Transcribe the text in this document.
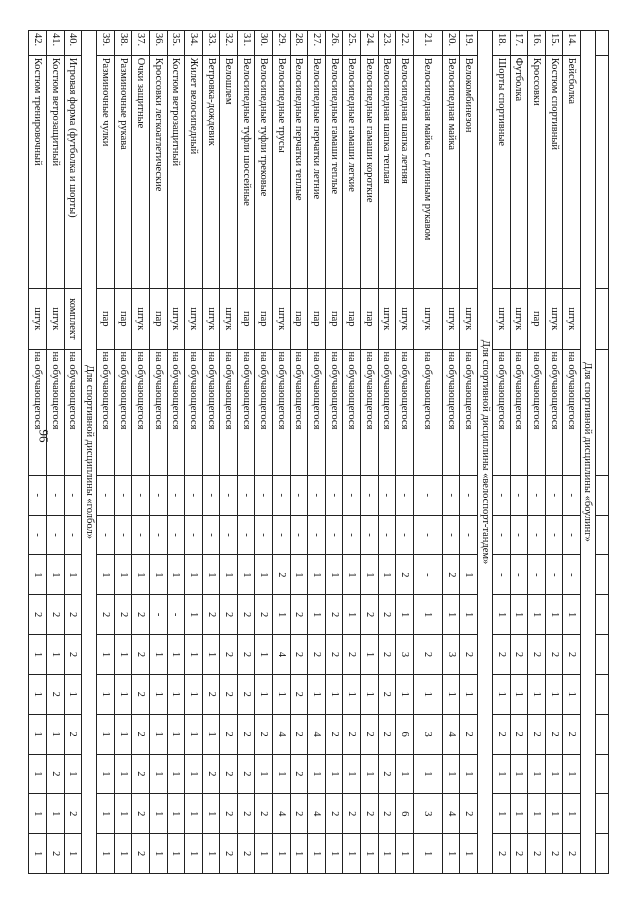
96
														Для спортивной дисциплины «боулинг»													
14.	Бейсболка	штук	на обучающегося	-	-	-	1	2	1	2	1	1	2
15.	Костюм спортивный	штук	на обучающегося	-	-	-	1	2	1	2	1	1	2
16.	Кроссовки	пар	на обучающегося	-	-	-	1	2	1	2	1	1	2
17.	Футболка	штук	на обучающегося	-	-	-	1	2	1	2	1	1	2
18.	Шорты спортивные	штук	на обучающегося	-	-	-	1	2	1	2	1	1	2
Для спортивной дисциплины «велоспорт-тандем»													
19.	Велокомбинезон	штук	на обучающегося	-	-	1	1	2	1	2	1	2	1
20.	Велосипедная майка	штук	на обучающегося	-	-	2	1	3	1	4	1	4	1
21.	Велосипедная майка с длинным рукавом	штук	на обучающегося	-	-	-	1	2	1	3	1	3	1
22.	Велосипедная шапка летняя	штук	на обучающегося	-	-	2	1	3	1	6	1	6	1
23.	Велосипедная шапка теплая	штук	на обучающегося	-	-	1	2	2	2	2	2	2	1
24.	Велосипедные гамаши короткие	пар	на обучающегося	-	-	1	2	1	1	2	1	2	1
25.	Велосипедные гамаши легкие	пар	на обучающегося	-	-	1	1	2	1	2	1	2	1
26.	Велосипедные гамаши теплые	пар	на обучающегося	-	-	1	2	2	1	2	1	2	1
27.	Велосипедные перчатки летние	пар	на обучающегося	-	-	1	1	2	1	4	1	4	1
28.	Велосипедные перчатки теплые	пар	на обучающегося	-	-	1	2	2	2	2	2	2	1
29.	Велосипедные трусы	штук	на обучающегося	-	-	2	1	4	1	4	1	4	1
30.	Велосипедные туфли трековые	пар	на обучающегося	-	-	1	2	1	1	2	1	2	1
31.	Велосипедные туфли шоссейные	пар	на обучающегося	-	-	1	2	2	2	2	2	2	2
32.	Велошлем	штук	на обучающегося	-	-	1	2	2	2	2	2	2	2
33.	Ветровка-дождевик	штук	на обучающегося	-	-	1	2	1	2	1	2	1	1
34.	Жилет велосипедный	штук	на обучающегося	-	-	1	1	1	1	1	1	1	1
35.	Костюм ветрозащитный	штук	на обучающегося	-	-	1	-	1	1	1	1	1	1
36.	Кроссовки легкоатлетические	пар	на обучающегося	-	-	1	-	1	1	1	1	1	1
37.	Очки защитные	штук	на обучающегося	-	-	1	2	2	2	2	2	2	2
38.	Разминочные рукава	пар	на обучающегося	-	-	1	2	1	1	1	1	1	1
39.	Разминочные чулки	пар	на обучающегося	-	-	1	2	1	1	1	1	1	1
Для спортивной дисциплины «голбол»													
40.	Игровая форма (футболка и шорты)	комплект	на обучающегося	-	-	1	2	2	1	2	1	2	1
41.	Костюм ветрозащитный	штук	на обучающегося	-	-	1	2	1	2	1	2	1	2
42.	Костюм тренировочный	штук	на обучающегося	-	-	1	2	1	1	1	1	1	1
